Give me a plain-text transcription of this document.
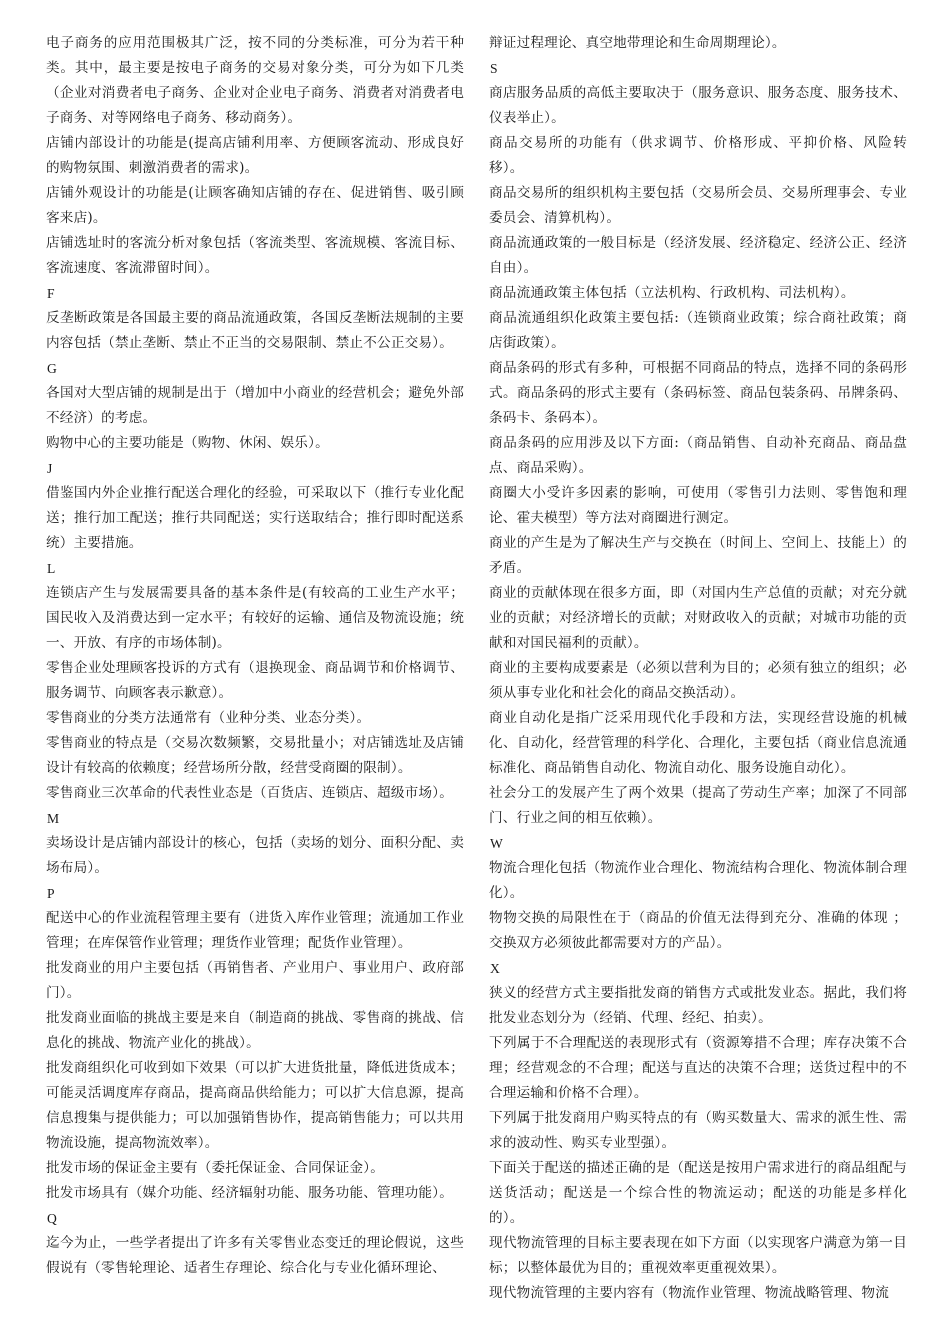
电子商务的应用范围极其广泛，按不同的分类标准，可分为若干种类。其中，最主要是按电子商务的交易对象分类，可分为如下几类（企业对消费者电子商务、企业对企业电子商务、消费者对消费者电子商务、对等网络电子商务、移动商务）。

店铺内部设计的功能是(提高店铺利用率、方便顾客流动、形成良好的购物氛围、刺激消费者的需求)。

店铺外观设计的功能是(让顾客确知店铺的存在、促进销售、吸引顾客来店)。

店铺选址时的客流分析对象包括（客流类型、客流规模、客流目标、客流速度、客流滞留时间）。

F

反垄断政策是各国最主要的商品流通政策，各国反垄断法规制的主要内容包括（禁止垄断、禁止不正当的交易限制、禁止不公正交易）。

G

各国对大型店铺的规制是出于（增加中小商业的经营机会；避免外部不经济）的考虑。

购物中心的主要功能是（购物、休闲、娱乐）。

J

借鉴国内外企业推行配送合理化的经验，可采取以下（推行专业化配送；推行加工配送；推行共同配送；实行送取结合；推行即时配送系统）主要措施。

L

连锁店产生与发展需要具备的基本条件是(有较高的工业生产水平；国民收入及消费达到一定水平；有较好的运输、通信及物流设施；统一、开放、有序的市场体制)。

零售企业处理顾客投诉的方式有（退换现金、商品调节和价格调节、服务调节、向顾客表示歉意）。

零售商业的分类方法通常有（业种分类、业态分类）。

零售商业的特点是（交易次数频繁，交易批量小；对店铺选址及店铺设计有较高的依赖度；经营场所分散，经营受商圈的限制）。

零售商业三次革命的代表性业态是（百货店、连锁店、超级市场）。

M

卖场设计是店铺内部设计的核心，包括（卖场的划分、面积分配、卖场布局）。

P

配送中心的作业流程管理主要有（进货入库作业管理；流通加工作业管理；在库保管作业管理；理货作业管理；配货作业管理）。

批发商业的用户主要包括（再销售者、产业用户、事业用户、政府部门）。

批发商业面临的挑战主要是来自（制造商的挑战、零售商的挑战、信息化的挑战、物流产业化的挑战）。

批发商组织化可收到如下效果（可以扩大进货批量，降低进货成本；可能灵活调度库存商品，提高商品供给能力；可以扩大信息源，提高信息搜集与提供能力；可以加强销售协作，提高销售能力；可以共用物流设施，提高物流效率）。

批发市场的保证金主要有（委托保证金、合同保证金）。

批发市场具有（媒介功能、经济辐射功能、服务功能、管理功能）。

Q

迄今为止，一些学者提出了许多有关零售业态变迁的理论假说，这些假说有（零售轮理论、适者生存理论、综合化与专业化循环理论、

辩证过程理论、真空地带理论和生命周期理论）。

S

商店服务品质的高低主要取决于（服务意识、服务态度、服务技术、仪表举止）。

商品交易所的功能有（供求调节、价格形成、平抑价格、风险转移）。

商品交易所的组织机构主要包括（交易所会员、交易所理事会、专业委员会、清算机构）。

商品流通政策的一般目标是（经济发展、经济稳定、经济公正、经济自由）。

商品流通政策主体包括（立法机构、行政机构、司法机构）。

商品流通组织化政策主要包括:（连锁商业政策；综合商社政策；商店街政策）。

商品条码的形式有多种，可根据不同商品的特点，选择不同的条码形式。商品条码的形式主要有（条码标签、商品包装条码、吊牌条码、条码卡、条码本）。

商品条码的应用涉及以下方面:（商品销售、自动补充商品、商品盘点、商品采购）。

商圈大小受许多因素的影响，可使用（零售引力法则、零售饱和理论、霍夫模型）等方法对商圈进行测定。

商业的产生是为了解决生产与交换在（时间上、空间上、技能上）的矛盾。

商业的贡献体现在很多方面，即（对国内生产总值的贡献；对充分就业的贡献；对经济增长的贡献；对财政收入的贡献；对城市功能的贡献和对国民福利的贡献）。

商业的主要构成要素是（必须以营利为目的；必须有独立的组织；必须从事专业化和社会化的商品交换活动）。

商业自动化是指广泛采用现代化手段和方法，实现经营设施的机械化、自动化，经营管理的科学化、合理化，主要包括（商业信息流通标准化、商品销售自动化、物流自动化、服务设施自动化）。

社会分工的发展产生了两个效果（提高了劳动生产率；加深了不同部门、行业之间的相互依赖）。

W

物流合理化包括（物流作业合理化、物流结构合理化、物流体制合理化）。

物物交换的局限性在于（商品的价值无法得到充分、准确的体现 ；交换双方必须彼此都需要对方的产品）。

X

狭义的经营方式主要指批发商的销售方式或批发业态。据此，我们将批发业态划分为（经销、代理、经纪、拍卖）。

下列属于不合理配送的表现形式有（资源筹措不合理；库存决策不合理；经营观念的不合理；配送与直达的决策不合理；送货过程中的不合理运输和价格不合理）。

下列属于批发商用户购买特点的有（购买数量大、需求的派生性、需求的波动性、购买专业型强）。

下面关于配送的描述正确的是（配送是按用户需求进行的商品组配与送货活动；配送是一个综合性的物流运动；配送的功能是多样化的）。

现代物流管理的目标主要表现在如下方面（以实现客户满意为第一目标；以整体最优为目的；重视效率更重视效果）。

现代物流管理的主要内容有（物流作业管理、物流战略管理、物流
